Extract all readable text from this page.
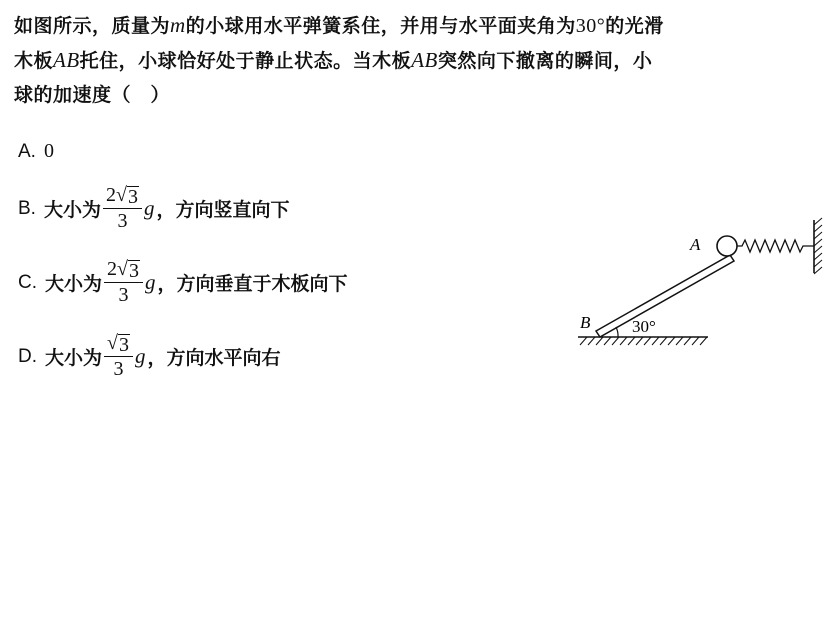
如图所示，质量为m的小球用水平弹簧系住，并用与水平面夹角为30°的光滑
木板AB托住，小球恰好处于静止状态。当木板AB突然向下撤离的瞬间，小
球的加速度（　）
A. 0
B. 大小为 $\frac{2 √ 3}{3}$ g ，方向竖直向下
C. 大小为 $\frac{2 √ 3}{3}$ g ，方向垂直于木板向下
D. 大小为 $\frac{√ 3}{3}$ g ，方向水平向右
A
B 30°
